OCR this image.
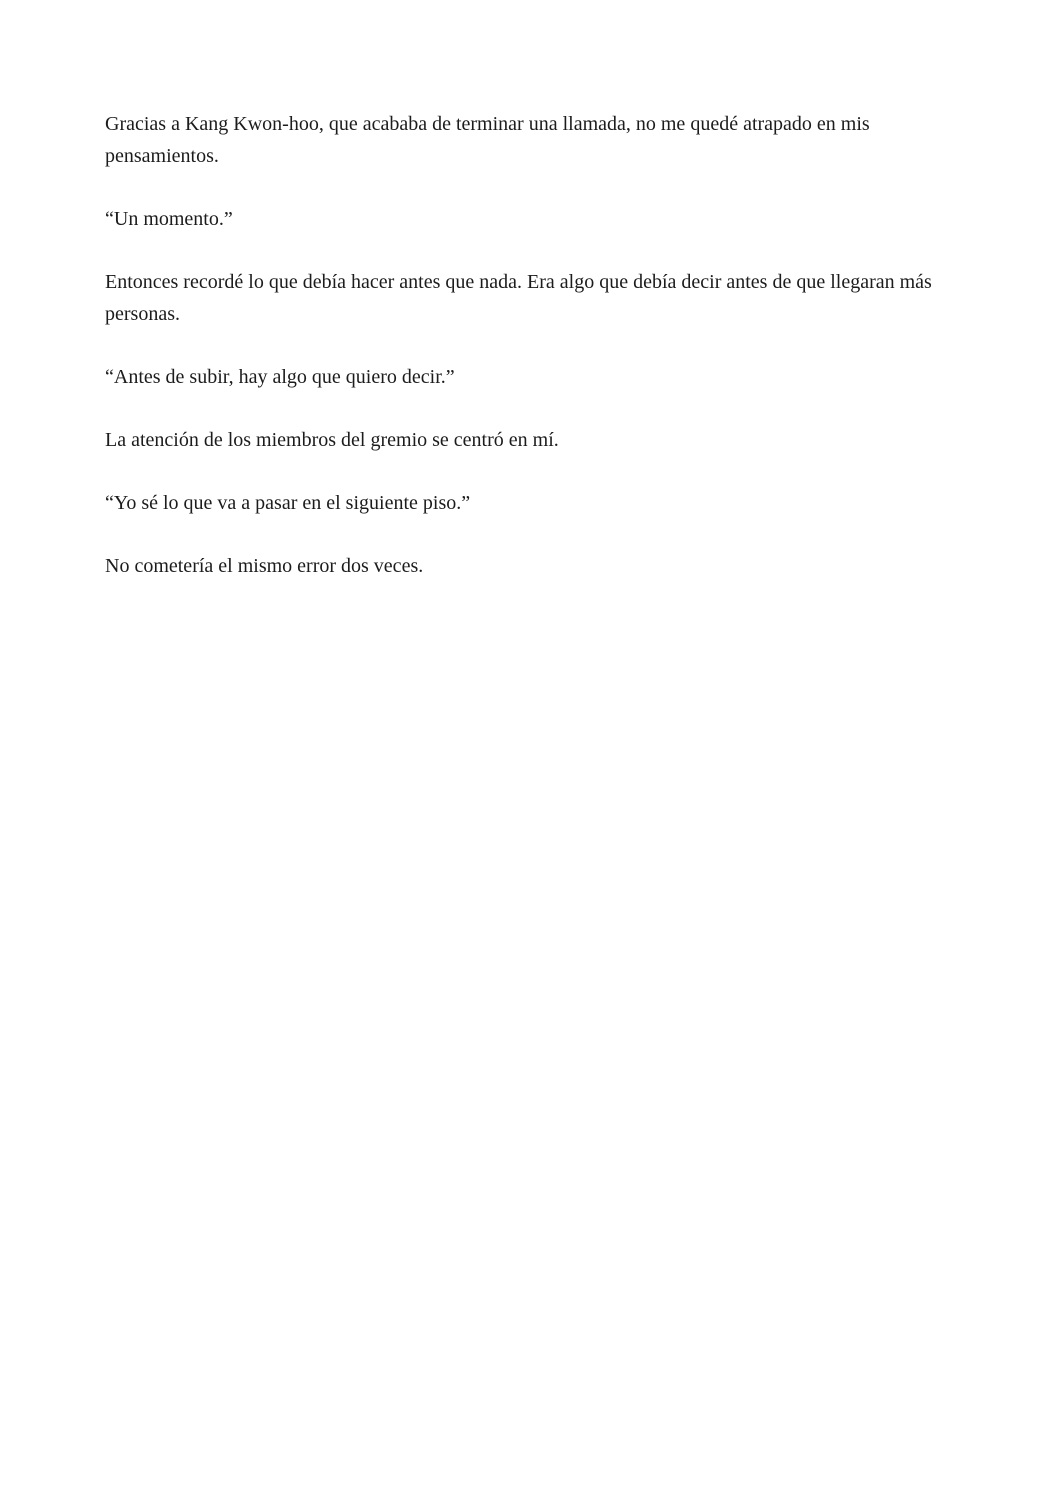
Gracias a Kang Kwon-hoo, que acababa de terminar una llamada, no me quedé atrapado en mis pensamientos.

“Un momento.”

Entonces recordé lo que debía hacer antes que nada. Era algo que debía decir antes de que llegaran más personas.

“Antes de subir, hay algo que quiero decir.”

La atención de los miembros del gremio se centró en mí.

“Yo sé lo que va a pasar en el siguiente piso.”

No cometería el mismo error dos veces.
